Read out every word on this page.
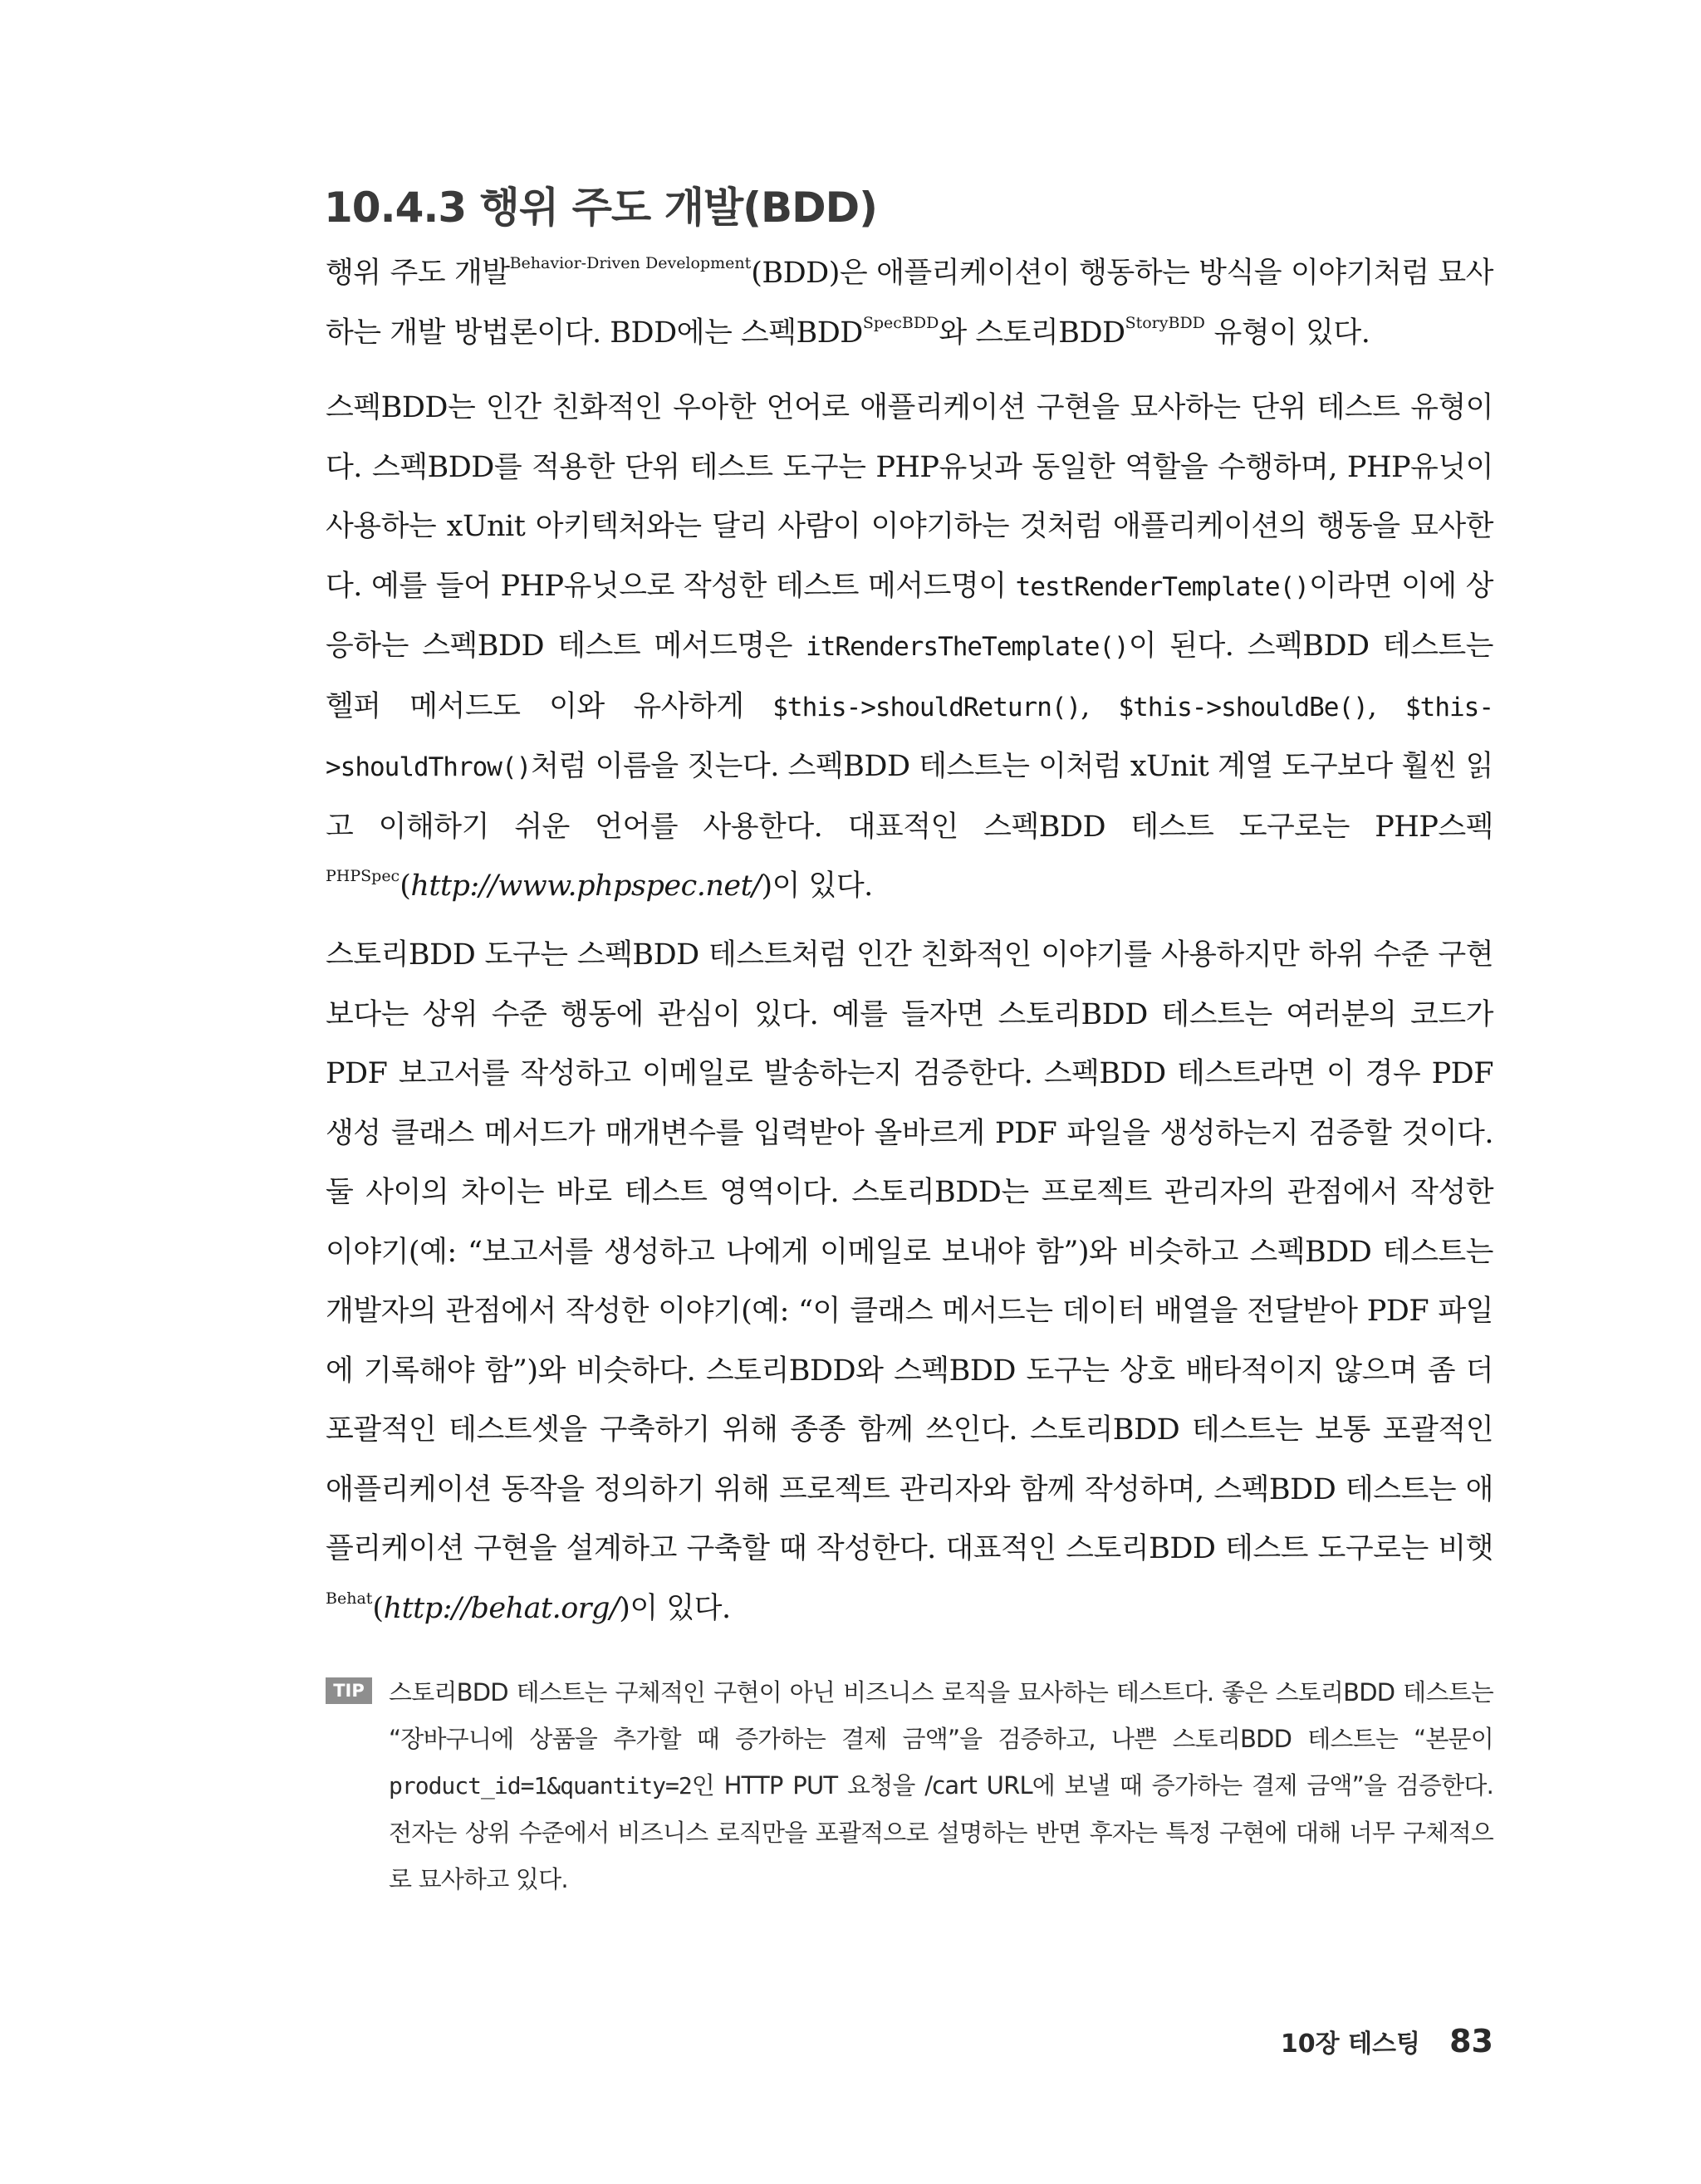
10.4.3 행위 주도 개발(BDD)

행위 주도 개발$^{Behavior-Driven Development}$(BDD)은 애플리케이션이 행동하는 방식을 이야기처럼 묘사하는 개발 방법론이다. BDD에는 스펙$BDD^{SpecBDD}$와 스토리$BDD^{StoryBDD}$ 유형이 있다.

스펙BDD는 인간 친화적인 우아한 언어로 애플리케이션 구현을 묘사하는 단위 테스트 유형이다. 스펙BDD를 적용한 단위 테스트 도구는 PHP유닛과 동일한 역할을 수행하며, PHP유닛이 사용하는 xUnit 아키텍처와는 달리 사람이 이야기하는 것처럼 애플리케이션의 행동을 묘사한다. 예를 들어 PHP유닛으로 작성한 테스트 메서드명이 testRenderTemplate()이라면 이에 상응하는 스펙BDD 테스트 메서드명은 itRendersTheTemplate()이 된다. 스펙BDD 테스트는 헬퍼 메서드도 이와 유사하게 $this->shouldReturn(), $this->shouldBe(), $this->shouldThrow()처럼 이름을 짓는다. 스펙BDD 테스트는 이처럼 xUnit 계열 도구보다 훨씬 읽고 이해하기 쉬운 언어를 사용한다. 대표적인 스펙BDD 테스트 도구로는 PHP스펙$^{PHPSpec}$(http://www.phpspec.net/)이 있다.

스토리BDD 도구는 스펙BDD 테스트처럼 인간 친화적인 이야기를 사용하지만 하위 수준 구현보다는 상위 수준 행동에 관심이 있다. 예를 들자면 스토리BDD 테스트는 여러분의 코드가 PDF 보고서를 작성하고 이메일로 발송하는지 검증한다. 스펙BDD 테스트라면 이 경우 PDF 생성 클래스 메서드가 매개변수를 입력받아 올바르게 PDF 파일을 생성하는지 검증할 것이다. 둘 사이의 차이는 바로 테스트 영역이다. 스토리BDD는 프로젝트 관리자의 관점에서 작성한 이야기(예: “보고서를 생성하고 나에게 이메일로 보내야 함”)와 비슷하고 스펙BDD 테스트는 개발자의 관점에서 작성한 이야기(예: “이 클래스 메서드는 데이터 배열을 전달받아 PDF 파일에 기록해야 함”)와 비슷하다. 스토리BDD와 스펙BDD 도구는 상호 배타적이지 않으며 좀 더 포괄적인 테스트셋을 구축하기 위해 종종 함께 쓰인다. 스토리BDD 테스트는 보통 포괄적인 애플리케이션 동작을 정의하기 위해 프로젝트 관리자와 함께 작성하며, 스펙BDD 테스트는 애플리케이션 구현을 설계하고 구축할 때 작성한다. 대표적인 스토리BDD 테스트 도구로는 비햇$^{Behat}$(http://behat.org/)이 있다.

TIP	스토리BDD 테스트는 구체적인 구현이 아닌 비즈니스 로직을 묘사하는 테스트다. 좋은 스토리BDD 테스트는 “장바구니에 상품을 추가할 때 증가하는 결제 금액”을 검증하고, 나쁜 스토리BDD 테스트는 “본문이 product_id=1&quantity=2인 HTTP PUT 요청을 /cart URL에 보낼 때 증가하는 결제 금액”을 검증한다. 전자는 상위 수준에서 비즈니스 로직만을 포괄적으로 설명하는 반면 후자는 특정 구현에 대해 너무 구체적으로 묘사하고 있다.

10장 테스팅 83
